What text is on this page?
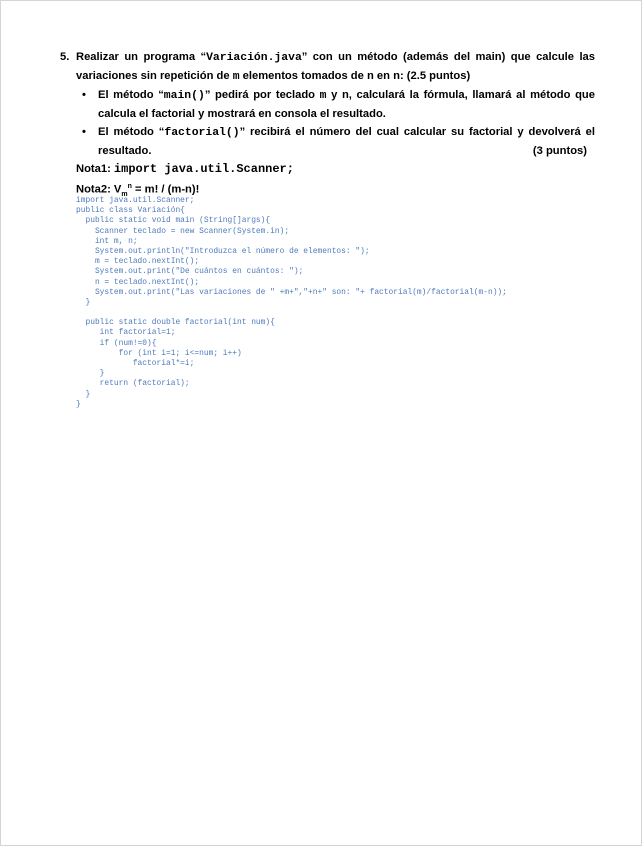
5. Realizar un programa “Variación.java” con un método (además del main) que calcule las variaciones sin repetición de m elementos tomados de n en n: (2.5 puntos)
•	El método “main()” pedirá por teclado m y n, calculará la fórmula, llamará al método que calcula el factorial y mostrará en consola el resultado.
•	El método “factorial()” recibirá el número del cual calcular su factorial y devolverá el
resultado.	(3 puntos)
Nota1: import java.util.Scanner;
Nota2: $V_m^n = m$! / (m-n)!
import java.util.Scanner;
public class Variación{
public static void main (String[]args){
Scanner teclado = new Scanner(System.in);
int m, n;
System.out.println("Introduzca el número de elementos: ");
m = teclado.nextInt();
System.out.print("De cuántos en cuántos: ");
n = teclado.nextInt();
System.out.print("Las variaciones de " +m+","+n+" son: "+ factorial(m)/factorial(m-n));
}
public static double factorial(int num){
int factorial=1;
if (num!=0){
for (int i=1; i<=num; i++)
factorial*=i;
}
return (factorial);
}
}
